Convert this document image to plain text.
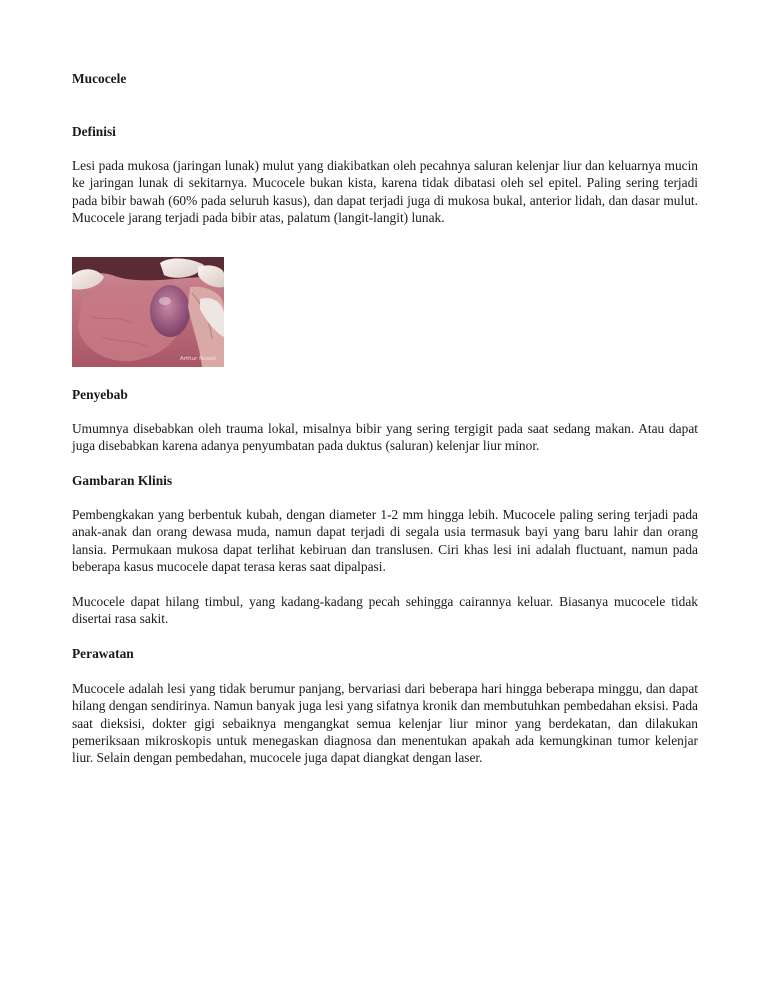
Mucocele
Definisi

Lesi pada mukosa (jaringan lunak) mulut yang diakibatkan oleh pecahnya saluran kelenjar liur dan keluarnya mucin ke jaringan lunak di sekitarnya. Mucocele bukan kista, karena tidak dibatasi oleh sel epitel. Paling sering terjadi pada bibir bawah (60% pada seluruh kasus), dan dapat terjadi juga di mukosa bukal, anterior lidah, dan dasar mulut. Mucocele jarang terjadi pada bibir atas, palatum (langit-langit) lunak.

Arthur Nowel
Penyebab

Umumnya disebabkan oleh trauma lokal, misalnya bibir yang sering tergigit pada saat sedang makan. Atau dapat juga disebabkan karena adanya penyumbatan pada duktus (saluran) kelenjar liur minor.

Gambaran Klinis

Pembengkakan yang berbentuk kubah, dengan diameter 1-2 mm hingga lebih. Mucocele paling sering terjadi pada anak-anak dan orang dewasa muda, namun dapat terjadi di segala usia termasuk bayi yang baru lahir dan orang lansia. Permukaan mukosa dapat terlihat kebiruan dan translusen. Ciri khas lesi ini adalah fluctuant, namun pada beberapa kasus mucocele dapat terasa keras saat dipalpasi.

Mucocele dapat hilang timbul, yang kadang-kadang pecah sehingga cairannya keluar. Biasanya mucocele tidak disertai rasa sakit.

Perawatan

Mucocele adalah lesi yang tidak berumur panjang, bervariasi dari beberapa hari hingga beberapa minggu, dan dapat hilang dengan sendirinya. Namun banyak juga lesi yang sifatnya kronik dan membutuhkan pembedahan eksisi. Pada saat dieksisi, dokter gigi sebaiknya mengangkat semua kelenjar liur minor yang berdekatan, dan dilakukan pemeriksaan mikroskopis untuk menegaskan diagnosa dan menentukan apakah ada kemungkinan tumor kelenjar liur. Selain dengan pembedahan, mucocele juga dapat diangkat dengan laser.
